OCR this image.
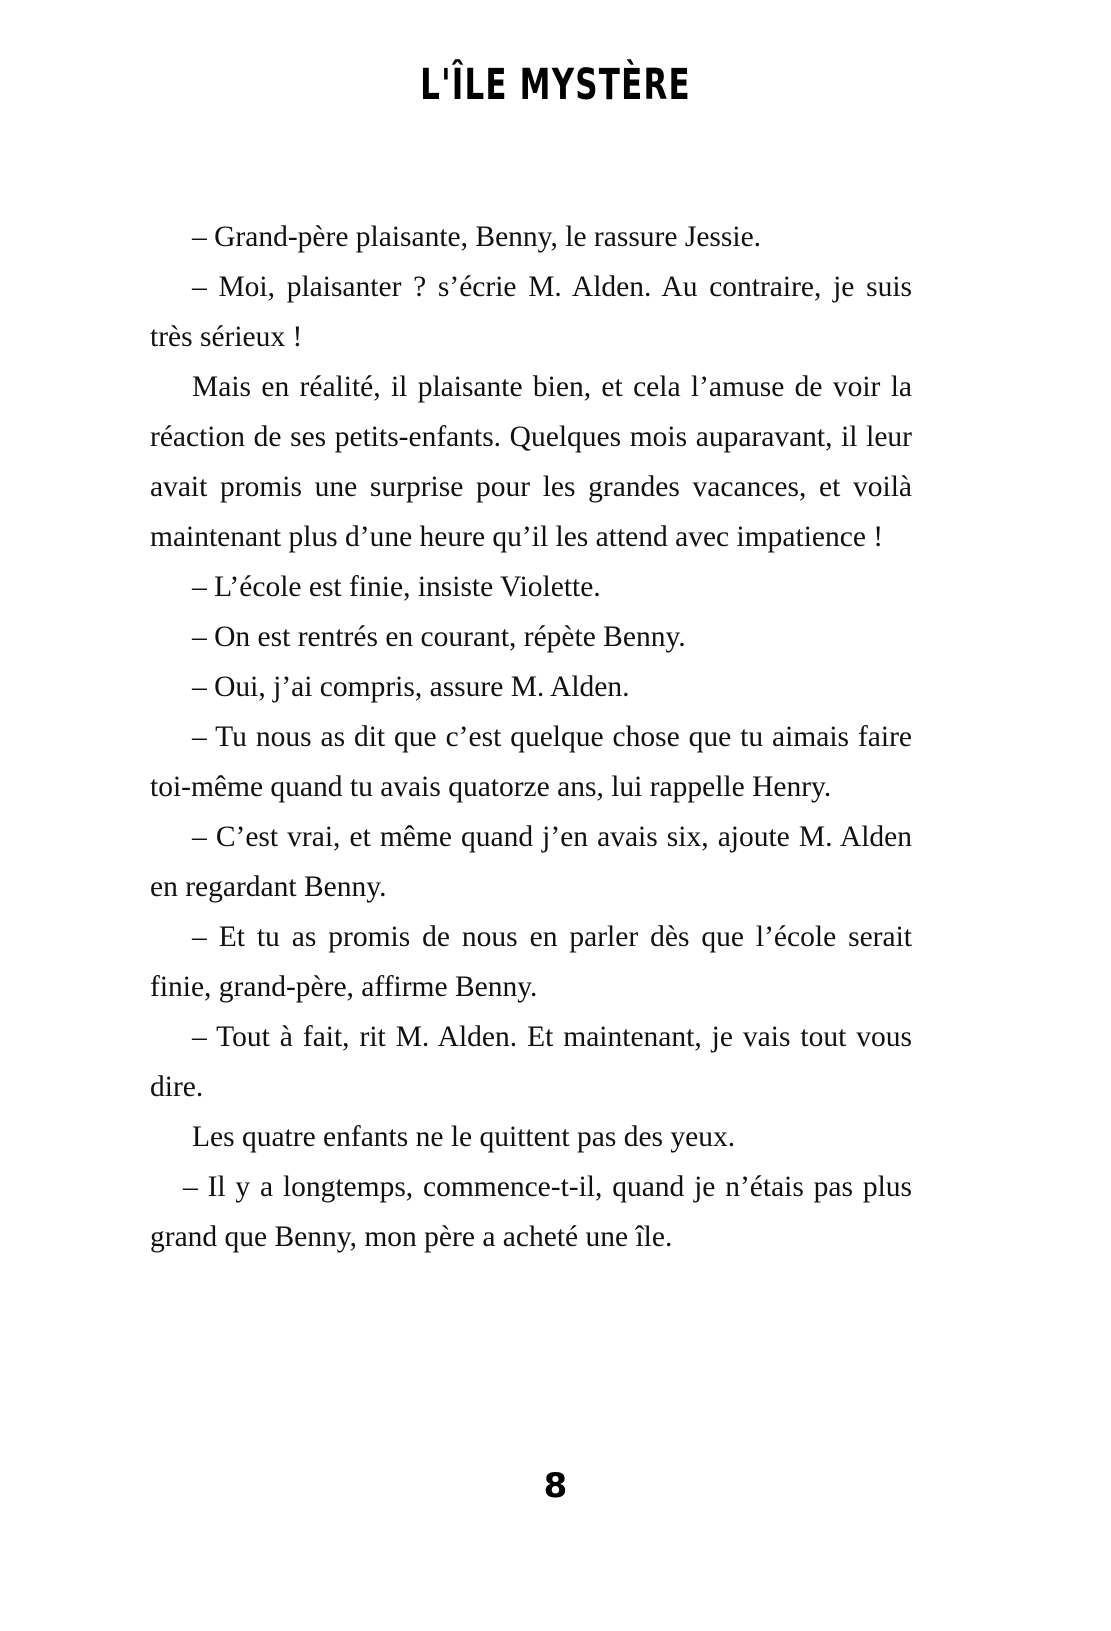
L'ÎLE MYSTÈRE

– Grand-père plaisante, Benny, le rassure Jessie.

– Moi, plaisanter ? s’écrie M. Alden. Au contraire, je suis très sérieux !

Mais en réalité, il plaisante bien, et cela l’amuse de voir la réaction de ses petits-enfants. Quelques mois auparavant, il leur avait promis une surprise pour les grandes vacances, et voilà maintenant plus d’une heure qu’il les attend avec impatience !

– L’école est finie, insiste Violette.

– On est rentrés en courant, répète Benny.

– Oui, j’ai compris, assure M. Alden.

– Tu nous as dit que c’est quelque chose que tu aimais faire toi-même quand tu avais quatorze ans, lui rappelle Henry.

– C’est vrai, et même quand j’en avais six, ajoute M. Alden en regardant Benny.

– Et tu as promis de nous en parler dès que l’école serait finie, grand-père, affirme Benny.

– Tout à fait, rit M. Alden. Et maintenant, je vais tout vous dire.

Les quatre enfants ne le quittent pas des yeux.

– Il y a longtemps, commence-t-il, quand je n’étais pas plus grand que Benny, mon père a acheté une île.

8
